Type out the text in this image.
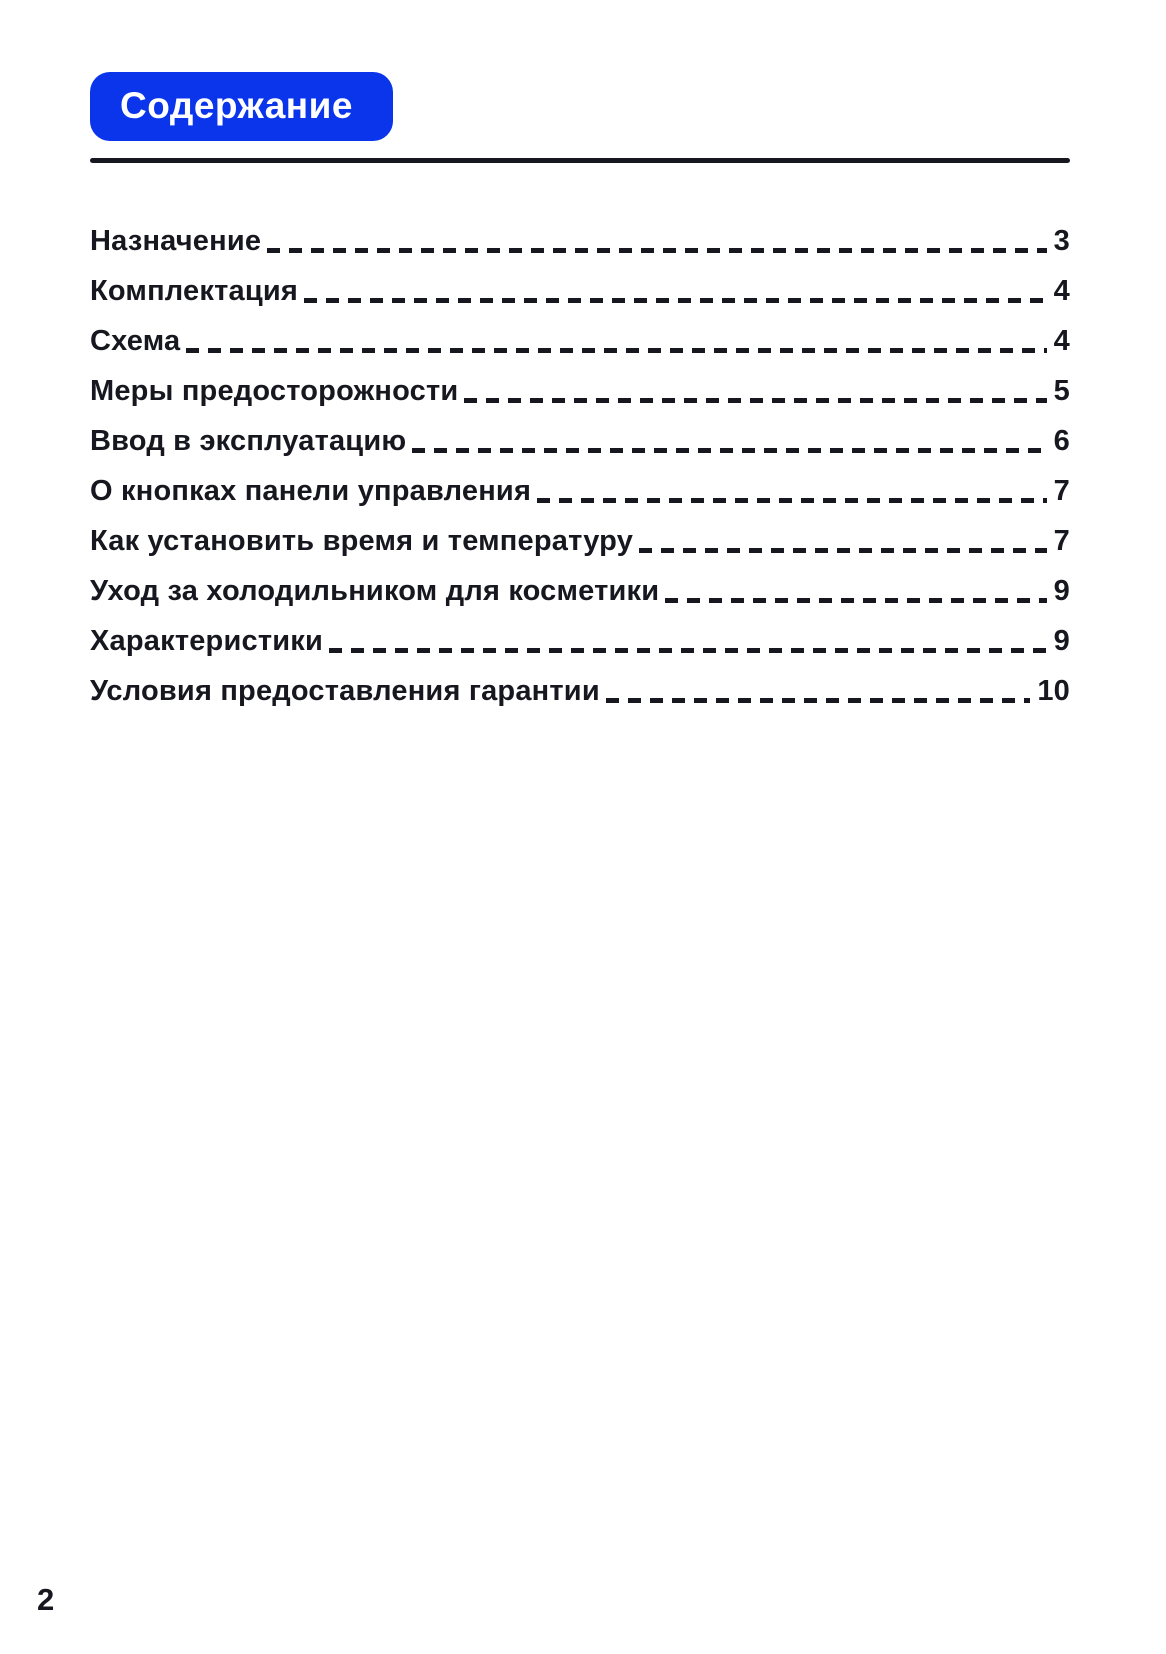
Содержание
Назначение	3
Комплектация	4
Схема	4
Меры предосторожности	5
Ввод в эксплуатацию	6
О кнопках панели управления	7
Как установить время и температуру	7
Уход за холодильником для косметики	9
Характеристики	9
Условия предоставления гарантии	10
2
